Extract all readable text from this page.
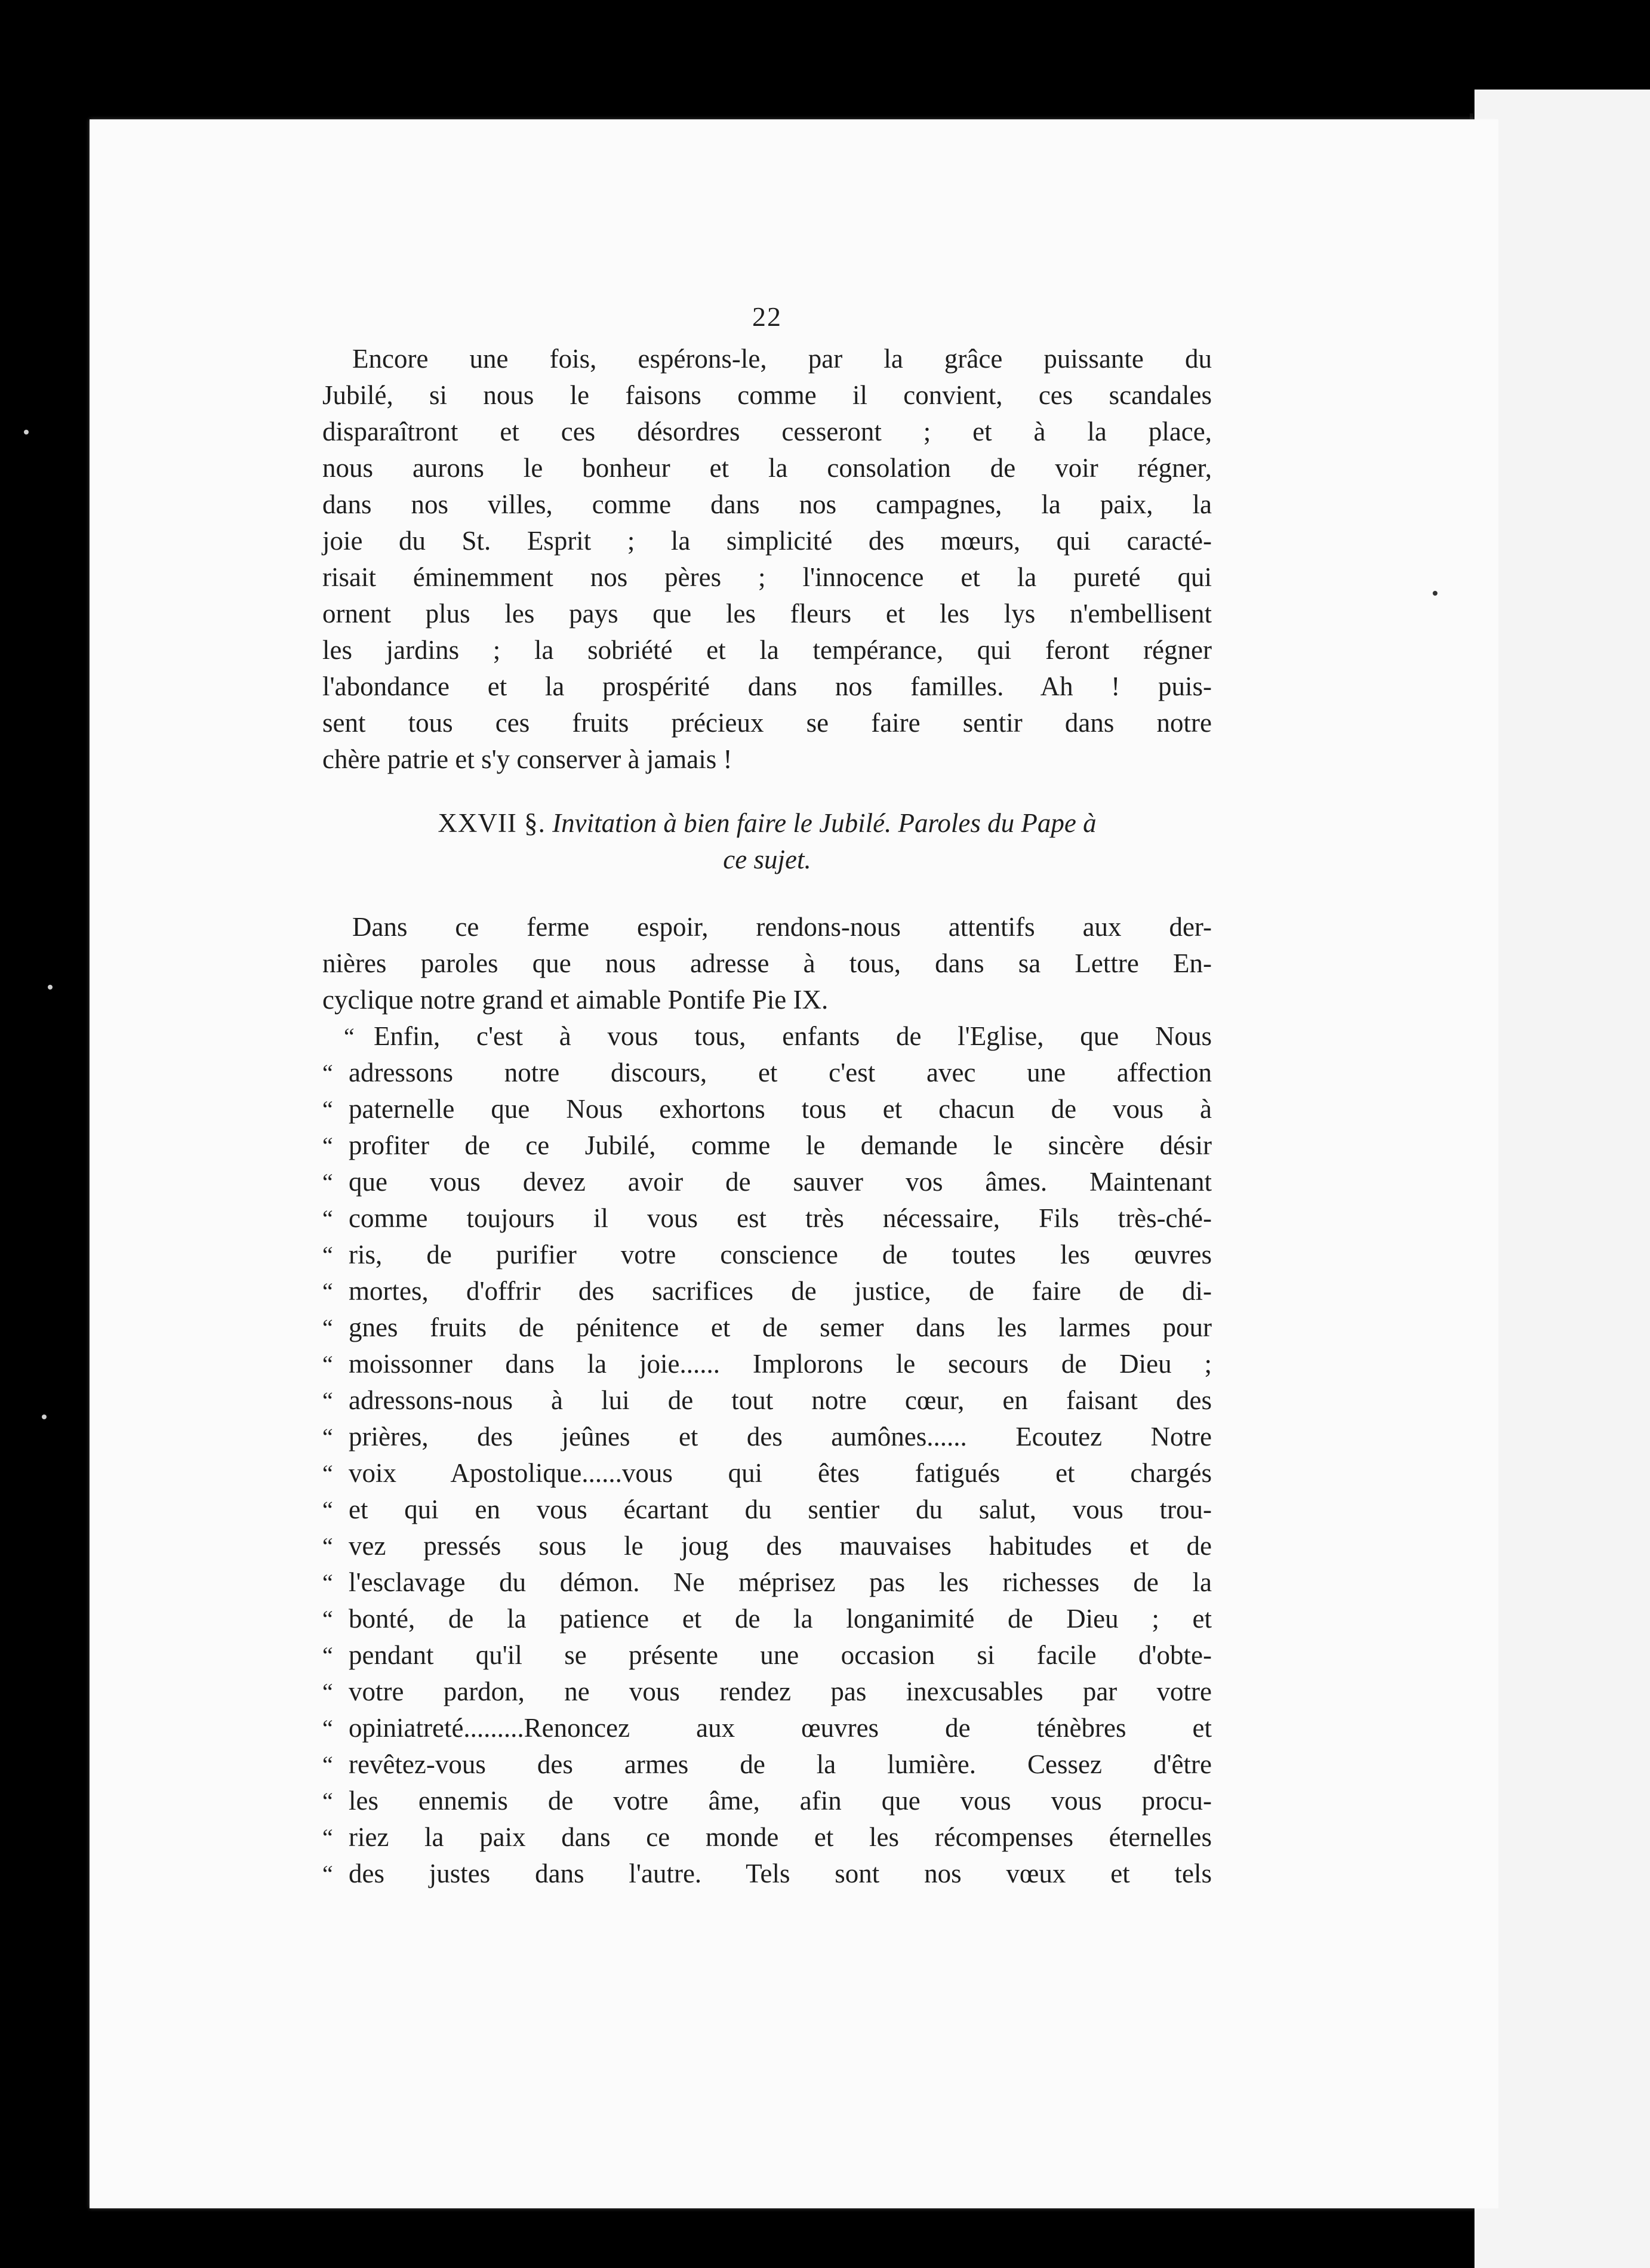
22
Encore une fois, espérons-le, par la grâce puissante du
Jubilé, si nous le faisons comme il convient, ces scandales
disparaîtront et ces désordres cesseront ; et à la place,
nous aurons le bonheur et la consolation de voir régner,
dans nos villes, comme dans nos campagnes, la paix, la
joie du St. Esprit ; la simplicité des mœurs, qui caracté-
risait éminemment nos pères ; l'innocence et la pureté qui
ornent plus les pays que les fleurs et les lys n'embellisent
les jardins ; la sobriété et la tempérance, qui feront régner
l'abondance et la prospérité dans nos familles. Ah ! puis-
sent tous ces fruits précieux se faire sentir dans notre
chère patrie et s'y conserver à jamais !
XXVII §. Invitation à bien faire le Jubilé. Paroles du Pape à
ce sujet.
Dans ce ferme espoir, rendons-nous attentifs aux der-
nières paroles que nous adresse à tous, dans sa Lettre En-
cyclique notre grand et aimable Pontife Pie IX.
“ Enfin, c'est à vous tous, enfants de l'Eglise, que Nous
“ adressons notre discours, et c'est avec une affection
“ paternelle que Nous exhortons tous et chacun de vous à
“ profiter de ce Jubilé, comme le demande le sincère désir
“ que vous devez avoir de sauver vos âmes. Maintenant
“ comme toujours il vous est très nécessaire, Fils très-ché-
“ ris, de purifier votre conscience de toutes les œuvres
“ mortes, d'offrir des sacrifices de justice, de faire de di-
“ gnes fruits de pénitence et de semer dans les larmes pour
“ moissonner dans la joie...... Implorons le secours de Dieu ;
“ adressons-nous à lui de tout notre cœur, en faisant des
“ prières, des jeûnes et des aumônes...... Ecoutez Notre
“ voix Apostolique......vous qui êtes fatigués et chargés
“ et qui en vous écartant du sentier du salut, vous trou-
“ vez pressés sous le joug des mauvaises habitudes et de
“ l'esclavage du démon. Ne méprisez pas les richesses de la
“ bonté, de la patience et de la longanimité de Dieu ; et
“ pendant qu'il se présente une occasion si facile d'obte-
“ votre pardon, ne vous rendez pas inexcusables par votre
“ opiniatreté.........Renoncez aux œuvres de ténèbres et
“ revêtez-vous des armes de la lumière. Cessez d'être
“ les ennemis de votre âme, afin que vous vous procu-
“ riez la paix dans ce monde et les récompenses éternelles
“ des justes dans l'autre. Tels sont nos vœux et tels
